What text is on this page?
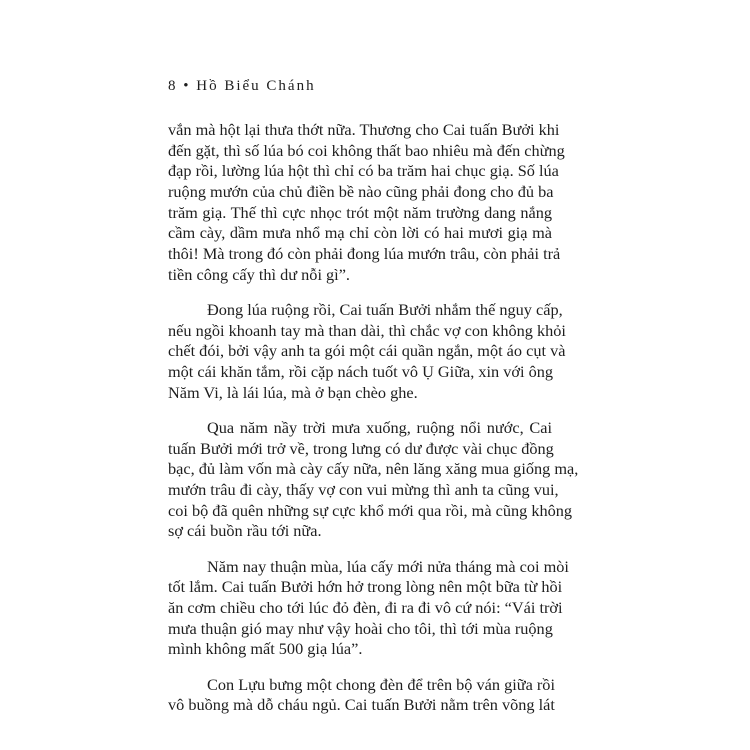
8 • Hồ Biểu Chánh
vắn mà hột lại thưa thớt nữa. Thương cho Cai tuấn Bưởi khi
đến gặt, thì số lúa bó coi không thất bao nhiêu mà đến chừng
đạp rồi, lường lúa hột thì chỉ có ba trăm hai chục giạ. Số lúa
ruộng mướn của chủ điền bề nào cũng phải đong cho đủ ba
trăm giạ. Thế thì cực nhọc trót một năm trường dang nắng
cầm cày, dầm mưa nhổ mạ chỉ còn lời có hai mươi giạ mà
thôi! Mà trong đó còn phải đong lúa mướn trâu, còn phải trả
tiền công cấy thì dư nỗi gì”.
Đong lúa ruộng rồi, Cai tuấn Bưởi nhắm thế nguy cấp,
nếu ngồi khoanh tay mà than dài, thì chắc vợ con không khỏi
chết đói, bởi vậy anh ta gói một cái quần ngắn, một áo cụt và
một cái khăn tắm, rồi cặp nách tuốt vô Ụ Giữa, xin với ông
Năm Vi, là lái lúa, mà ở bạn chèo ghe.
Qua năm nầy trời mưa xuống, ruộng nổi nước, Cai
tuấn Bưởi mới trở về, trong lưng có dư được vài chục đồng
bạc, đủ làm vốn mà cày cấy nữa, nên lăng xăng mua giống mạ,
mướn trâu đi cày, thấy vợ con vui mừng thì anh ta cũng vui,
coi bộ đã quên những sự cực khổ mới qua rồi, mà cũng không
sợ cái buồn rầu tới nữa.
Năm nay thuận mùa, lúa cấy mới nửa tháng mà coi mòi
tốt lắm. Cai tuấn Bưởi hớn hở trong lòng nên một bữa từ hồi
ăn cơm chiều cho tới lúc đỏ đèn, đi ra đi vô cứ nói: “Vái trời
mưa thuận gió may như vậy hoài cho tôi, thì tới mùa ruộng
mình không mất 500 giạ lúa”.
Con Lựu bưng một chong đèn để trên bộ ván giữa rồi
vô buồng mà dỗ cháu ngủ. Cai tuấn Bưởi nằm trên võng lát
